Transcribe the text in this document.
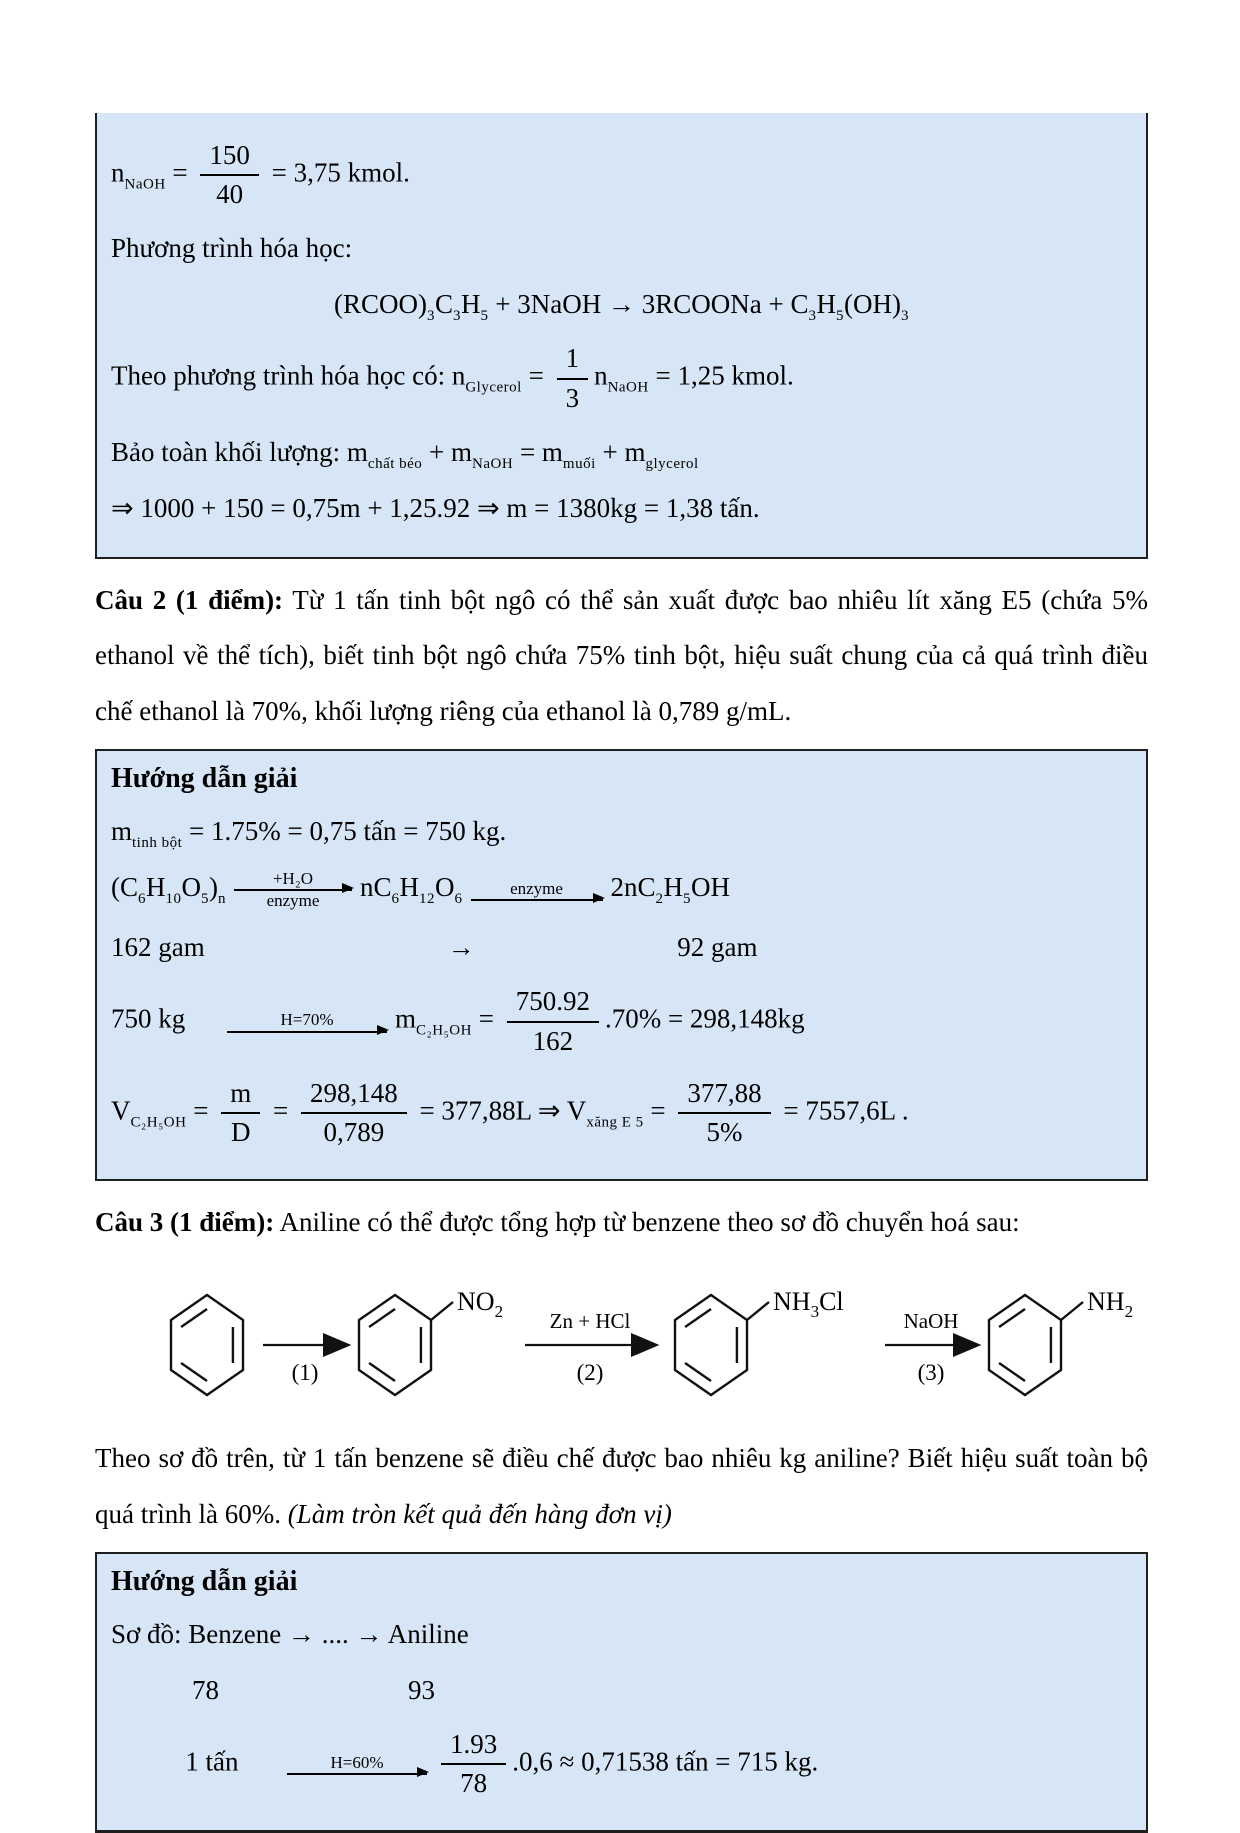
$n_{NaOH} = \frac{150}{40} = 3,75$ kmol.
Phương trình hóa học:
$(RCOO)_3C_3H_5$ + 3NaOH → 3RCOONa + $C_3H_5(OH)_3$
Theo phương trình hóa học có: $n_{Glycerol} = \frac{1}{3} n_{NaOH} = 1,25$ kmol.
Bảo toàn khối lượng: $m_{chất béo} + m_{NaOH} = m_{muối} + m_{glycerol}$
⇒ 1000 + 150 = 0,75m + 1,25.92 ⇒ m = 1380kg = 1,38 tấn.

Câu 2 (1 điểm): Từ 1 tấn tinh bột ngô có thể sản xuất được bao nhiêu lít xăng E5 (chứa 5% ethanol về thể tích), biết tinh bột ngô chứa 75% tinh bột, hiệu suất chung của cả quá trình điều chế ethanol là 70%, khối lượng riêng của ethanol là 0,789 g/mL.

Hướng dẫn giải
$m_{tinh bột} = 1.75\% = 0,75$ tấn = 750 kg.
$(C_6H_{10}O_5)_n$
+H₂O
enzyme $nC_6H_{12}O_6$
enzyme $2nC_2H_5OH$
162 gam                                    →                              92 gam
750 kg	H=70% $m_{C_2H_5OH} = \frac{750.92}{162} .70\% = 298,148kg$
$V_{C_2H_5OH} = \frac{m}{D} = \frac{298,148}{0,789} = 377,88L$ ⇒ $V_{xăng E 5} = \frac{377,88}{5\%} = 7557,6L$ .

Câu 3 (1 điểm): Aniline có thể được tổng hợp từ benzene theo sơ đồ chuyển hoá sau:

(1)
$NO_2$ Zn + HCl
(2)
$NH_3Cl$
NaOH
(3)
$NH_2$

Theo sơ đồ trên, từ 1 tấn benzene sẽ điều chế được bao nhiêu kg aniline? Biết hiệu suất toàn bộ quá trình là 60%. (Làm tròn kết quả đến hàng đơn vị)

Hướng dẫn giải
Sơ đồ: Benzene → .... → Aniline
78                            93
1 tấn	$H=60\% \frac{1.93}{78} .0,6 \approx 0,71538$ tấn = 715 kg.
